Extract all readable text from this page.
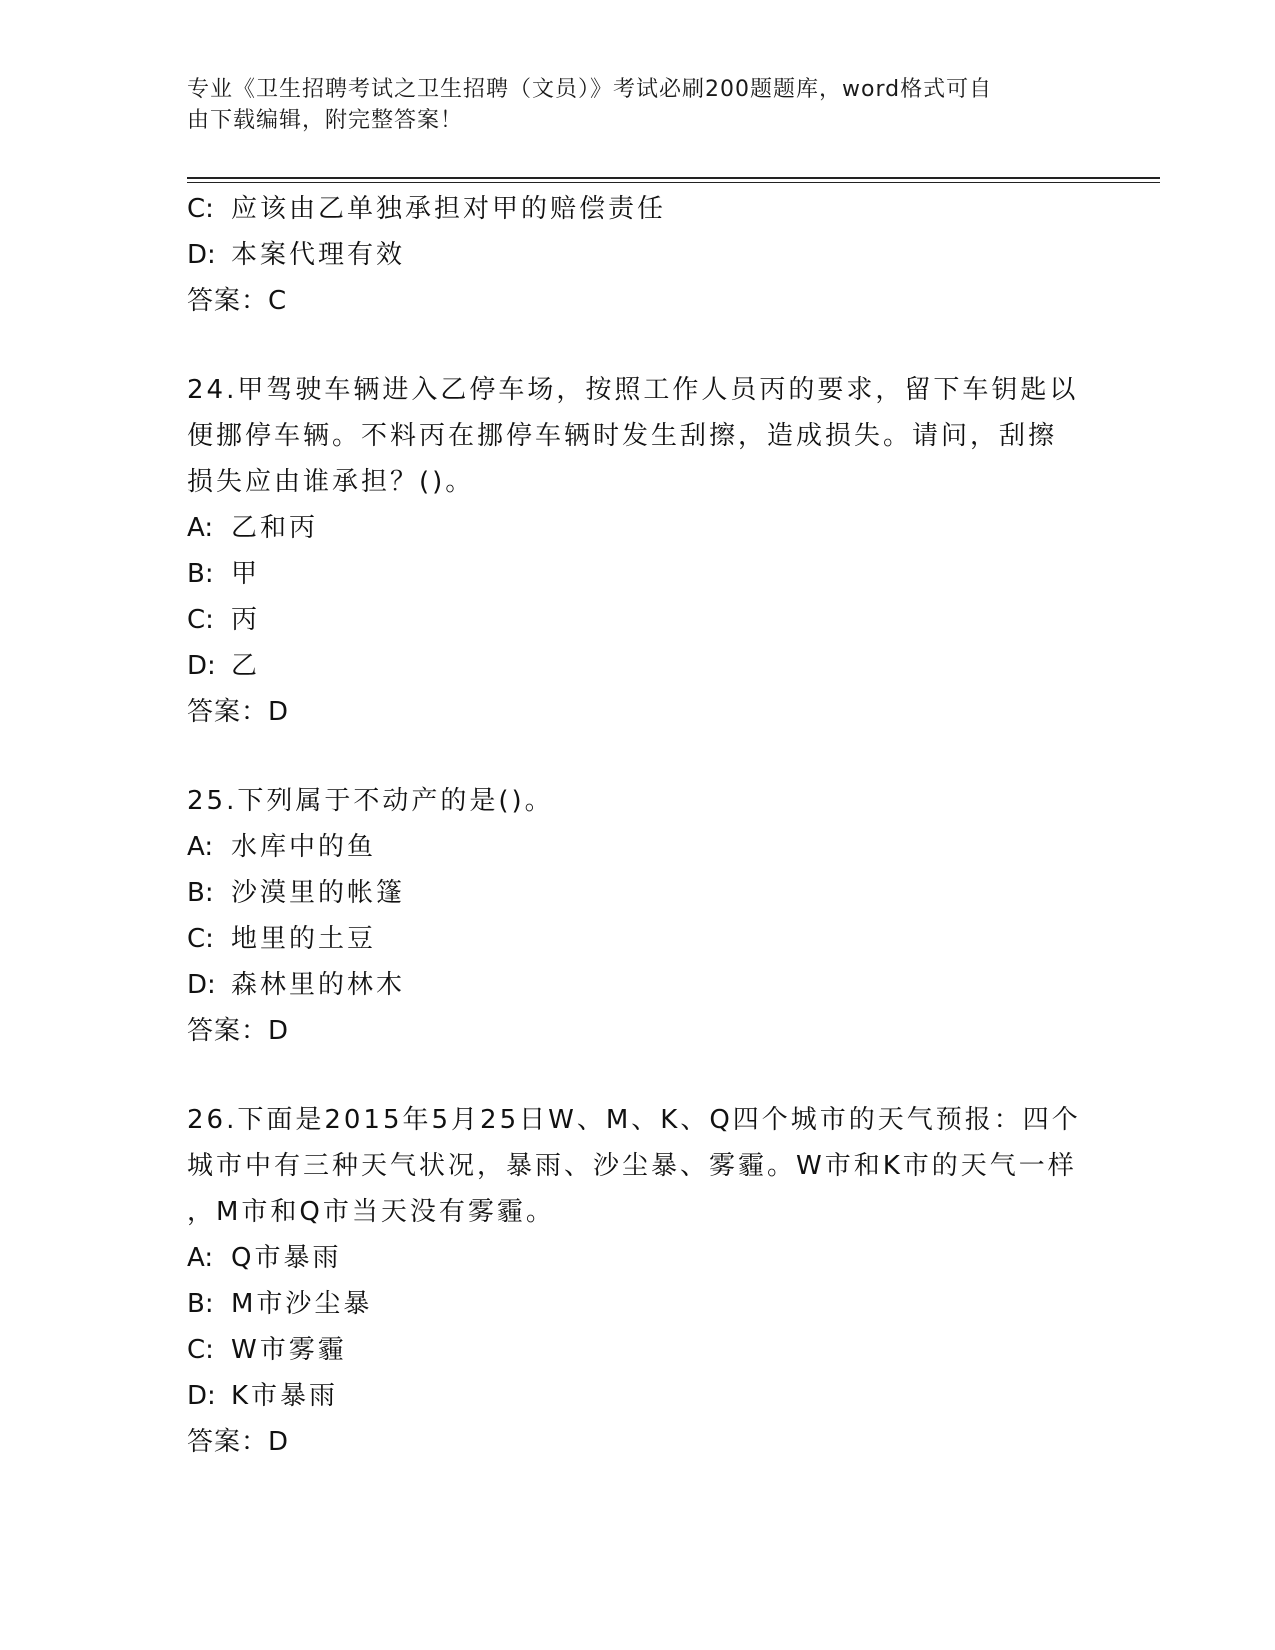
专业《卫生招聘考试之卫生招聘（文员）》考试必刷200题题库，word格式可自
由下载编辑，附完整答案！
C: 应该由乙单独承担对甲的赔偿责任
D: 本案代理有效
答案：C
24.甲驾驶车辆进入乙停车场，按照工作人员丙的要求，留下车钥匙以
便挪停车辆。不料丙在挪停车辆时发生刮擦，造成损失。请问，刮擦
损失应由谁承担？()。
A: 乙和丙
B: 甲
C: 丙
D: 乙
答案：D
25.下列属于不动产的是()。
A: 水库中的鱼
B: 沙漠里的帐篷
C: 地里的土豆
D: 森林里的林木
答案：D
26.下面是2015年5月25日W、M、K、Q四个城市的天气预报：四个
城市中有三种天气状况，暴雨、沙尘暴、雾霾。W市和K市的天气一样
，M市和Q市当天没有雾霾。
A: Q市暴雨
B: M市沙尘暴
C: W市雾霾
D: K市暴雨
答案：D
